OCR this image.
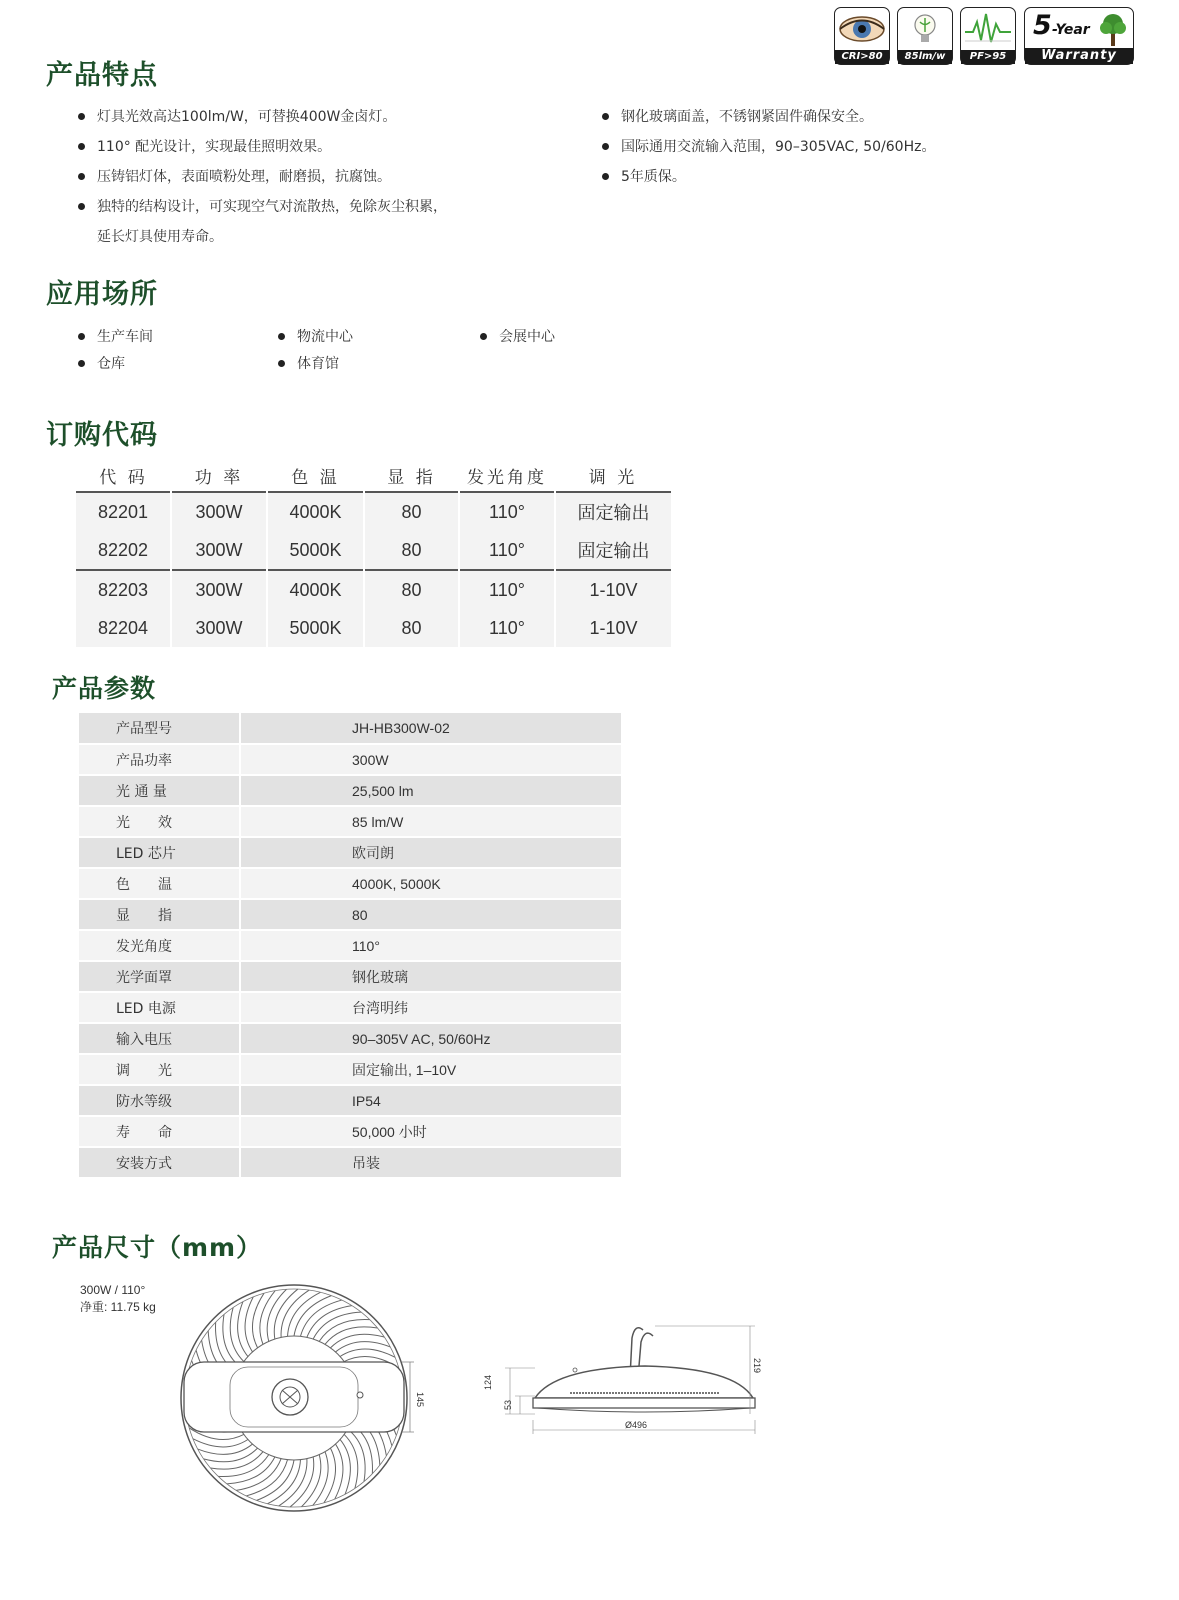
CRI>80	85lm/w	PF>95
5 -Year
Warranty
产品特点
灯具光效高达100lm/W，可替换400W金卤灯。
110° 配光设计，实现最佳照明效果。
压铸铝灯体，表面喷粉处理，耐磨损，抗腐蚀。
独特的结构设计，可实现空气对流散热，免除灰尘积累，
延长灯具使用寿命。
钢化玻璃面盖，不锈钢紧固件确保安全。
国际通用交流输入范围，90–305VAC, 50/60Hz。
5年质保。
应用场所
生产车间	物流中心	会展中心
仓库	体育馆
订购代码
代 码	功 率	色 温	显 指	发光角度	调 光
82201	300W	4000K	80	110°	固定输出
82202	300W	5000K	80	110°	固定输出
82203	300W	4000K	80	110°	1-10V
82204	300W	5000K	80	110°	1-10V
产品参数
产品型号	JH-HB300W-02
产品功率	300W
光 通 量	25,500 lm
光　　效	85 lm/W
LED 芯片	欧司朗
色　　温	4000K, 5000K
显　　指	80
发光角度	110°
光学面罩	钢化玻璃
LED 电源	台湾明纬
输入电压	90–305V AC, 50/60Hz
调　　光	固定输出, 1–10V
防水等级	IP54
寿　　命	50,000 小时
安装方式	吊装
产品尺寸（mm）
300W / 110°
净重: 11.75 kg
145
124
53
219
Ø496
